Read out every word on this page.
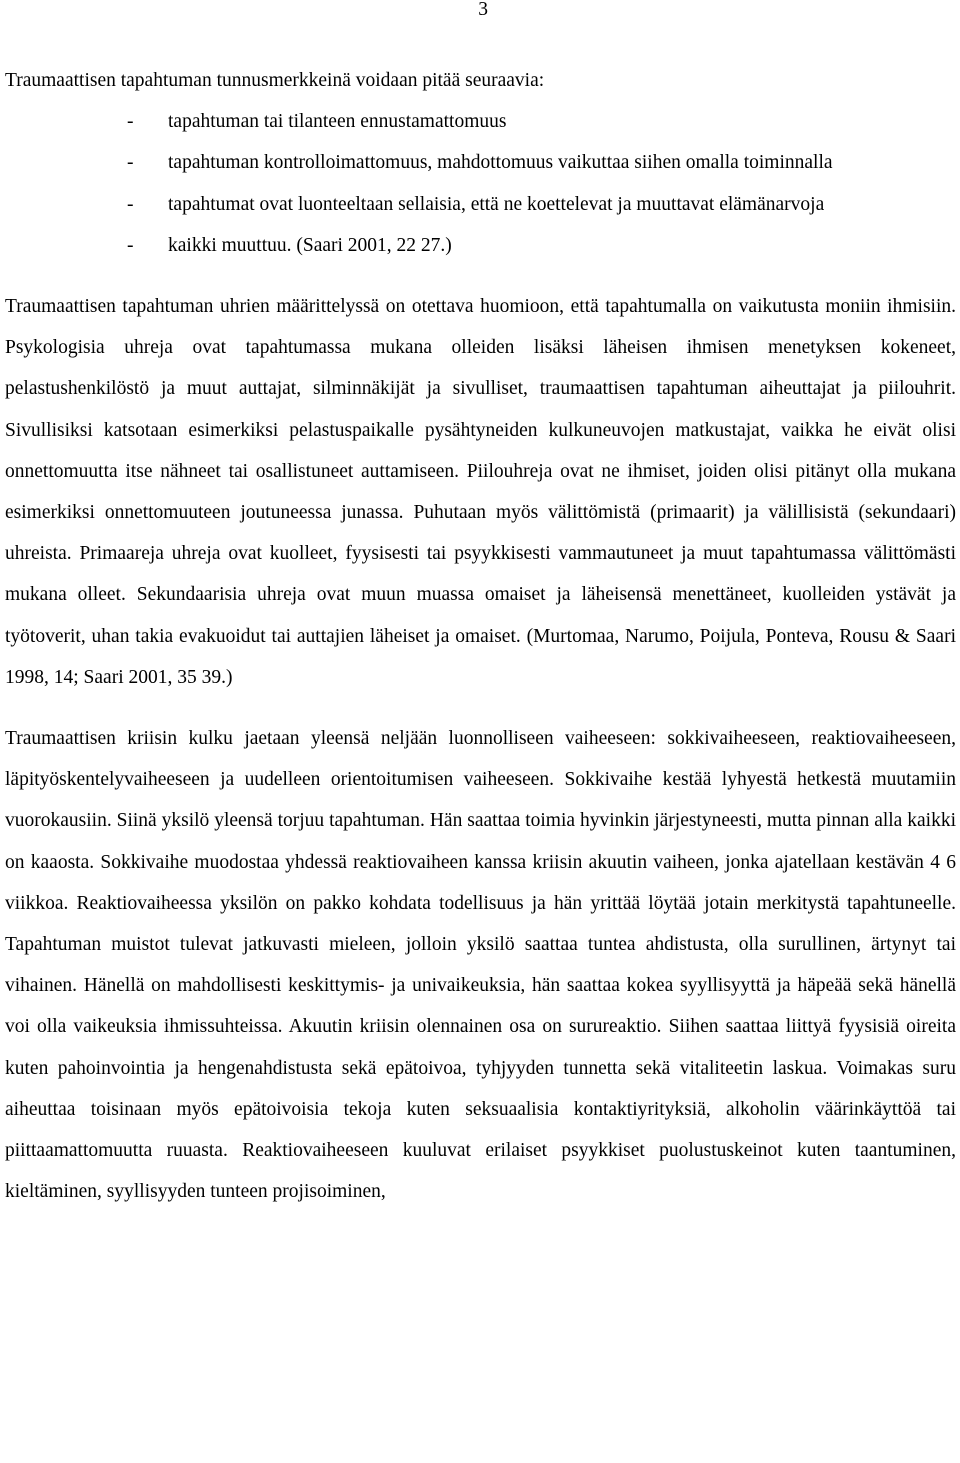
3

Traumaattisen tapahtuman tunnusmerkkeinä voidaan pitää seuraavia:

- tapahtuman tai tilanteen ennustamattomuus
- tapahtuman kontrolloimattomuus, mahdottomuus vaikuttaa siihen omalla toiminnalla
- tapahtumat ovat luonteeltaan sellaisia, että ne koettelevat ja muuttavat elämänarvoja
- kaikki muuttuu. (Saari 2001, 22 27.)

Traumaattisen tapahtuman uhrien määrittelyssä on otettava huomioon, että tapahtumalla on vaikutusta moniin ihmisiin. Psykologisia uhreja ovat tapahtumassa mukana olleiden lisäksi läheisen ihmisen menetyksen kokeneet, pelastushenkilöstö ja muut auttajat, silminnäkijät ja sivulliset, traumaattisen tapahtuman aiheuttajat ja piilouhrit. Sivullisiksi katsotaan esimerkiksi pelastuspaikalle pysähtyneiden kulkuneuvojen matkustajat, vaikka he eivät olisi onnettomuutta itse nähneet tai osallistuneet auttamiseen. Piilouhreja ovat ne ihmiset, joiden olisi pitänyt olla mukana esimerkiksi onnettomuuteen joutuneessa junassa. Puhutaan myös välittömistä (primaarit) ja välillisistä (sekundaari) uhreista. Primaareja uhreja ovat kuolleet, fyysisesti tai psyykkisesti vammautuneet ja muut tapahtumassa välittömästi mukana olleet. Sekundaarisia uhreja ovat muun muassa omaiset ja läheisensä menettäneet, kuolleiden ystävät ja työtoverit, uhan takia evakuoidut tai auttajien läheiset ja omaiset. (Murtomaa, Narumo, Poijula, Ponteva, Rousu & Saari 1998, 14; Saari 2001, 35 39.)

Traumaattisen kriisin kulku jaetaan yleensä neljään luonnolliseen vaiheeseen: sokkivaiheeseen, reaktiovaiheeseen, läpityöskentelyvaiheeseen ja uudelleen orientoitumisen vaiheeseen. Sokkivaihe kestää lyhyestä hetkestä muutamiin vuorokausiin. Siinä yksilö yleensä torjuu tapahtuman. Hän saattaa toimia hyvinkin järjestyneesti, mutta pinnan alla kaikki on kaaosta. Sokkivaihe muodostaa yhdessä reaktiovaiheen kanssa kriisin akuutin vaiheen, jonka ajatellaan kestävän 4 6 viikkoa. Reaktiovaiheessa yksilön on pakko kohdata todellisuus ja hän yrittää löytää jotain merkitystä tapahtuneelle. Tapahtuman muistot tulevat jatkuvasti mieleen, jolloin yksilö saattaa tuntea ahdistusta, olla surullinen, ärtynyt tai vihainen. Hänellä on mahdollisesti keskittymis- ja univaikeuksia, hän saattaa kokea syyllisyyttä ja häpeää sekä hänellä voi olla vaikeuksia ihmissuhteissa. Akuutin kriisin olennainen osa on surureaktio. Siihen saattaa liittyä fyysisiä oireita kuten pahoinvointia ja hengenahdistusta sekä epätoivoa, tyhjyyden tunnetta sekä vitaliteetin laskua. Voimakas suru aiheuttaa toisinaan myös epätoivoisia tekoja kuten seksuaalisia kontaktiyrityksiä, alkoholin väärinkäyttöä tai piittaamattomuutta ruuasta. Reaktiovaiheeseen kuuluvat erilaiset psyykkiset puolustuskeinot kuten taantuminen, kieltäminen, syyllisyyden tunteen projisoiminen,
